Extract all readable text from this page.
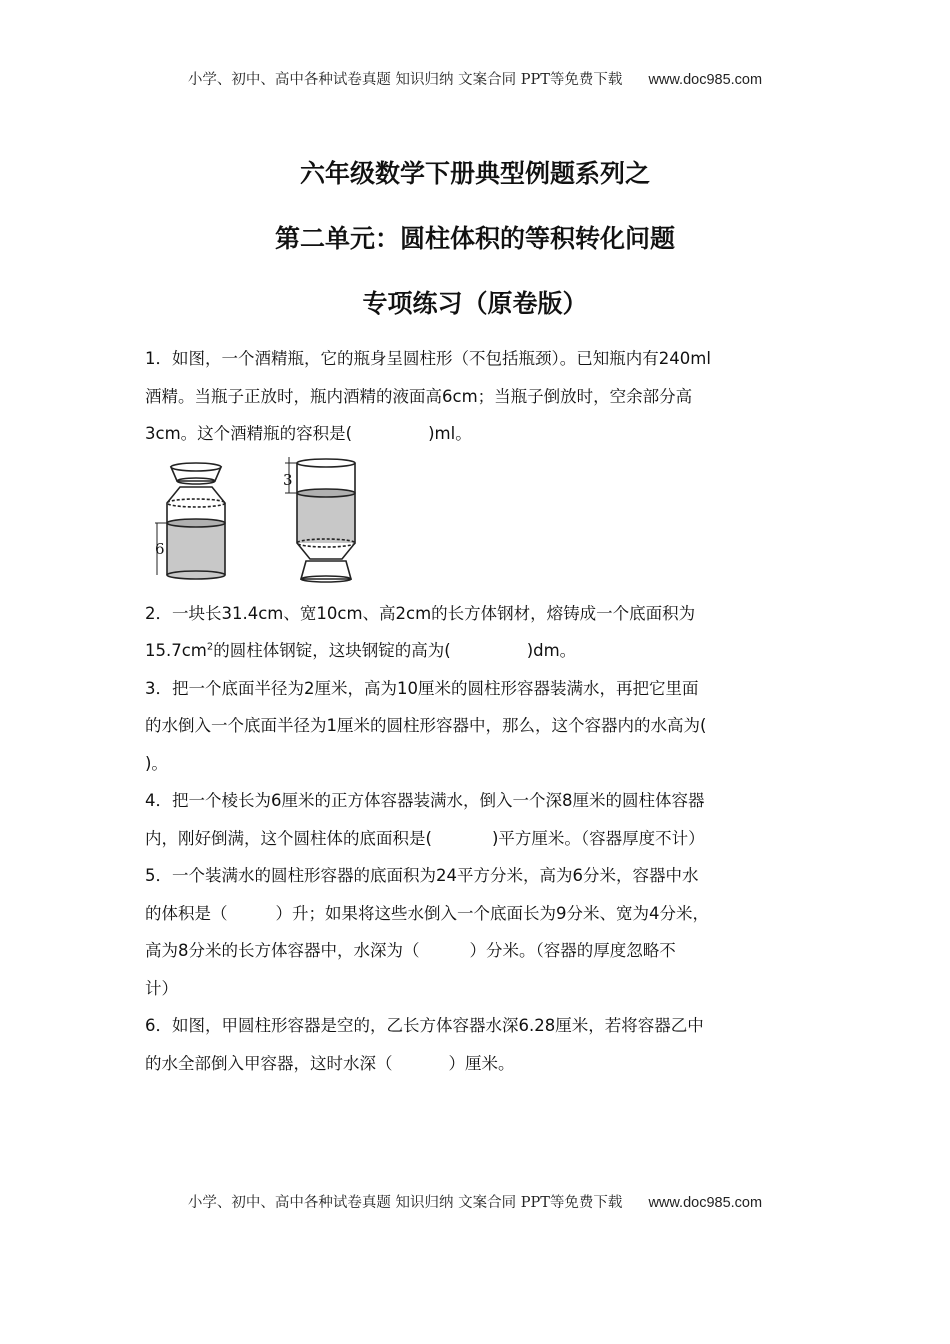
小学、初中、高中各种试卷真题 知识归纳 文案合同 PPT等免费下载 www.doc985.com
六年级数学下册典型例题系列之
第二单元：圆柱体积的等积转化问题
专项练习（原卷版）

1．如图，一个酒精瓶，它的瓶身呈圆柱形（不包括瓶颈）。已知瓶内有240ml

酒精。当瓶子正放时，瓶内酒精的液面高6cm；当瓶子倒放时，空余部分高

3cm。这个酒精瓶的容积是(	)ml。

6
3

2．一块长31.4cm、宽10cm、高2cm的长方体钢材，熔铸成一个底面积为

$15.7cm^2$的圆柱体钢锭，这块钢锭的高为(	)dm。

3．把一个底面半径为2厘米，高为10厘米的圆柱形容器装满水，再把它里面

的水倒入一个底面半径为1厘米的圆柱形容器中，那么，这个容器内的水高为(

)。

4．把一个棱长为6厘米的正方体容器装满水，倒入一个深8厘米的圆柱体容器

内，刚好倒满，这个圆柱体的底面积是(	)平方厘米。（容器厚度不计）

5．一个装满水的圆柱形容器的底面积为24平方分米，高为6分米，容器中水

的体积是（	）升；如果将这些水倒入一个底面长为9分米、宽为4分米，

高为8分米的长方体容器中，水深为（	）分米。（容器的厚度忽略不

计）

6．如图，甲圆柱形容器是空的，乙长方体容器水深6.28厘米，若将容器乙中

的水全部倒入甲容器，这时水深（	）厘米。

小学、初中、高中各种试卷真题 知识归纳 文案合同 PPT等免费下载 www.doc985.com
